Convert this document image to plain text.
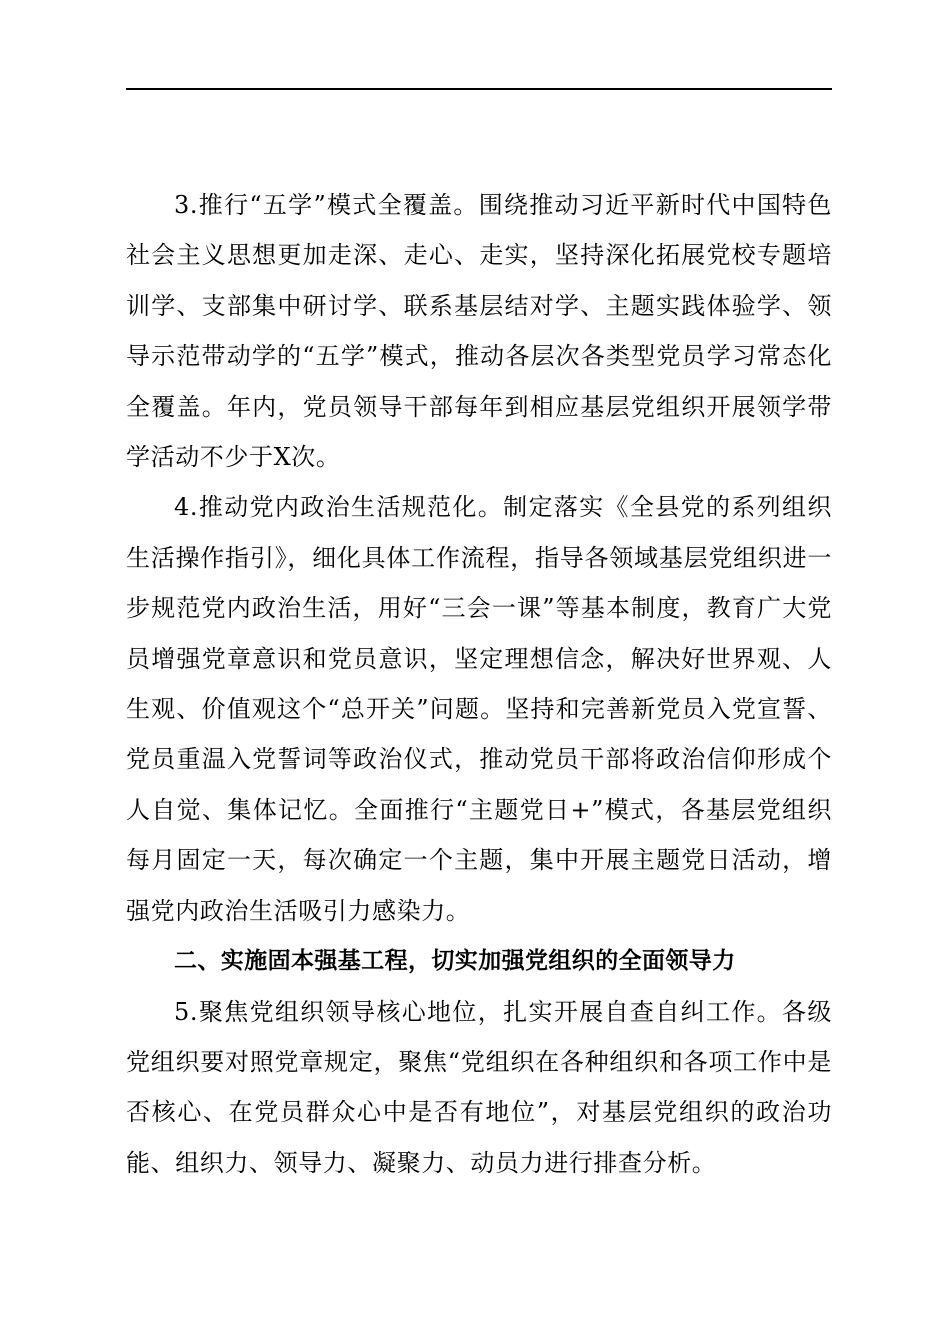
3.推行“五学”模式全覆盖。围绕推动习近平新时代中国特色社会主义思想更加走深、走心、走实，坚持深化拓展党校专题培训学、支部集中研讨学、联系基层结对学、主题实践体验学、领导示范带动学的“五学”模式，推动各层次各类型党员学习常态化全覆盖。年内，党员领导干部每年到相应基层党组织开展领学带学活动不少于X次。

4.推动党内政治生活规范化。制定落实《全县党的系列组织生活操作指引》，细化具体工作流程，指导各领域基层党组织进一步规范党内政治生活，用好“三会一课”等基本制度，教育广大党员增强党章意识和党员意识，坚定理想信念，解决好世界观、人生观、价值观这个“总开关”问题。坚持和完善新党员入党宣誓、党员重温入党誓词等政治仪式，推动党员干部将政治信仰形成个人自觉、集体记忆。全面推行“主题党日+”模式，各基层党组织每月固定一天，每次确定一个主题，集中开展主题党日活动，增强党内政治生活吸引力感染力。

二、实施固本强基工程，切实加强党组织的全面领导力

5.聚焦党组织领导核心地位，扎实开展自查自纠工作。各级党组织要对照党章规定，聚焦“党组织在各种组织和各项工作中是否核心、在党员群众心中是否有地位”，对基层党组织的政治功能、组织力、领导力、凝聚力、动员力进行排查分析。
